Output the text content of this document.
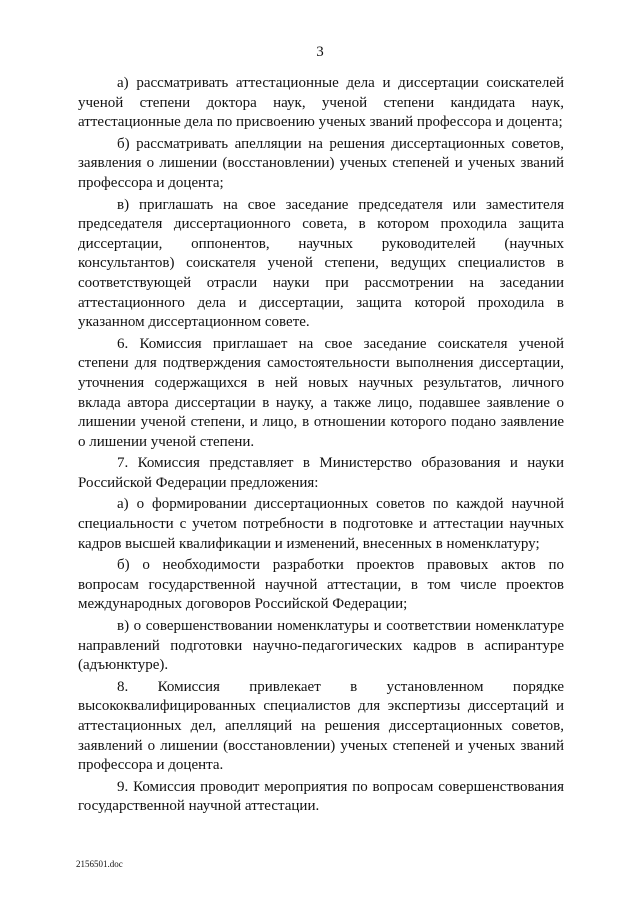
3

а) рассматривать аттестационные дела и диссертации соискателей ученой степени доктора наук, ученой степени кандидата наук, аттестационные дела по присвоению ученых званий профессора и доцента;

б) рассматривать апелляции на решения диссертационных советов, заявления о лишении (восстановлении) ученых степеней и ученых званий профессора и доцента;

в) приглашать на свое заседание председателя или заместителя председателя диссертационного совета, в котором проходила защита диссертации, оппонентов, научных руководителей (научных консультантов) соискателя ученой степени, ведущих специалистов в соответствующей отрасли науки при рассмотрении на заседании аттестационного дела и диссертации, защита которой проходила в указанном диссертационном совете.

6. Комиссия приглашает на свое заседание соискателя ученой степени для подтверждения самостоятельности выполнения диссертации, уточнения содержащихся в ней новых научных результатов, личного вклада автора диссертации в науку, а также лицо, подавшее заявление о лишении ученой степени, и лицо, в отношении которого подано заявление о лишении ученой степени.

7. Комиссия представляет в Министерство образования и науки Российской Федерации предложения:

а) о формировании диссертационных советов по каждой научной специальности с учетом потребности в подготовке и аттестации научных кадров высшей квалификации и изменений, внесенных в номенклатуру;

б) о необходимости разработки проектов правовых актов по вопросам государственной научной аттестации, в том числе проектов международных договоров Российской Федерации;

в) о совершенствовании номенклатуры и соответствии номенклатуре направлений подготовки научно-педагогических кадров в аспирантуре (адъюнктуре).

8. Комиссия привлекает в установленном порядке высококвалифицированных специалистов для экспертизы диссертаций и аттестационных дел, апелляций на решения диссертационных советов, заявлений о лишении (восстановлении) ученых степеней и ученых званий профессора и доцента.

9. Комиссия проводит мероприятия по вопросам совершенствования государственной научной аттестации.

2156501.doc
